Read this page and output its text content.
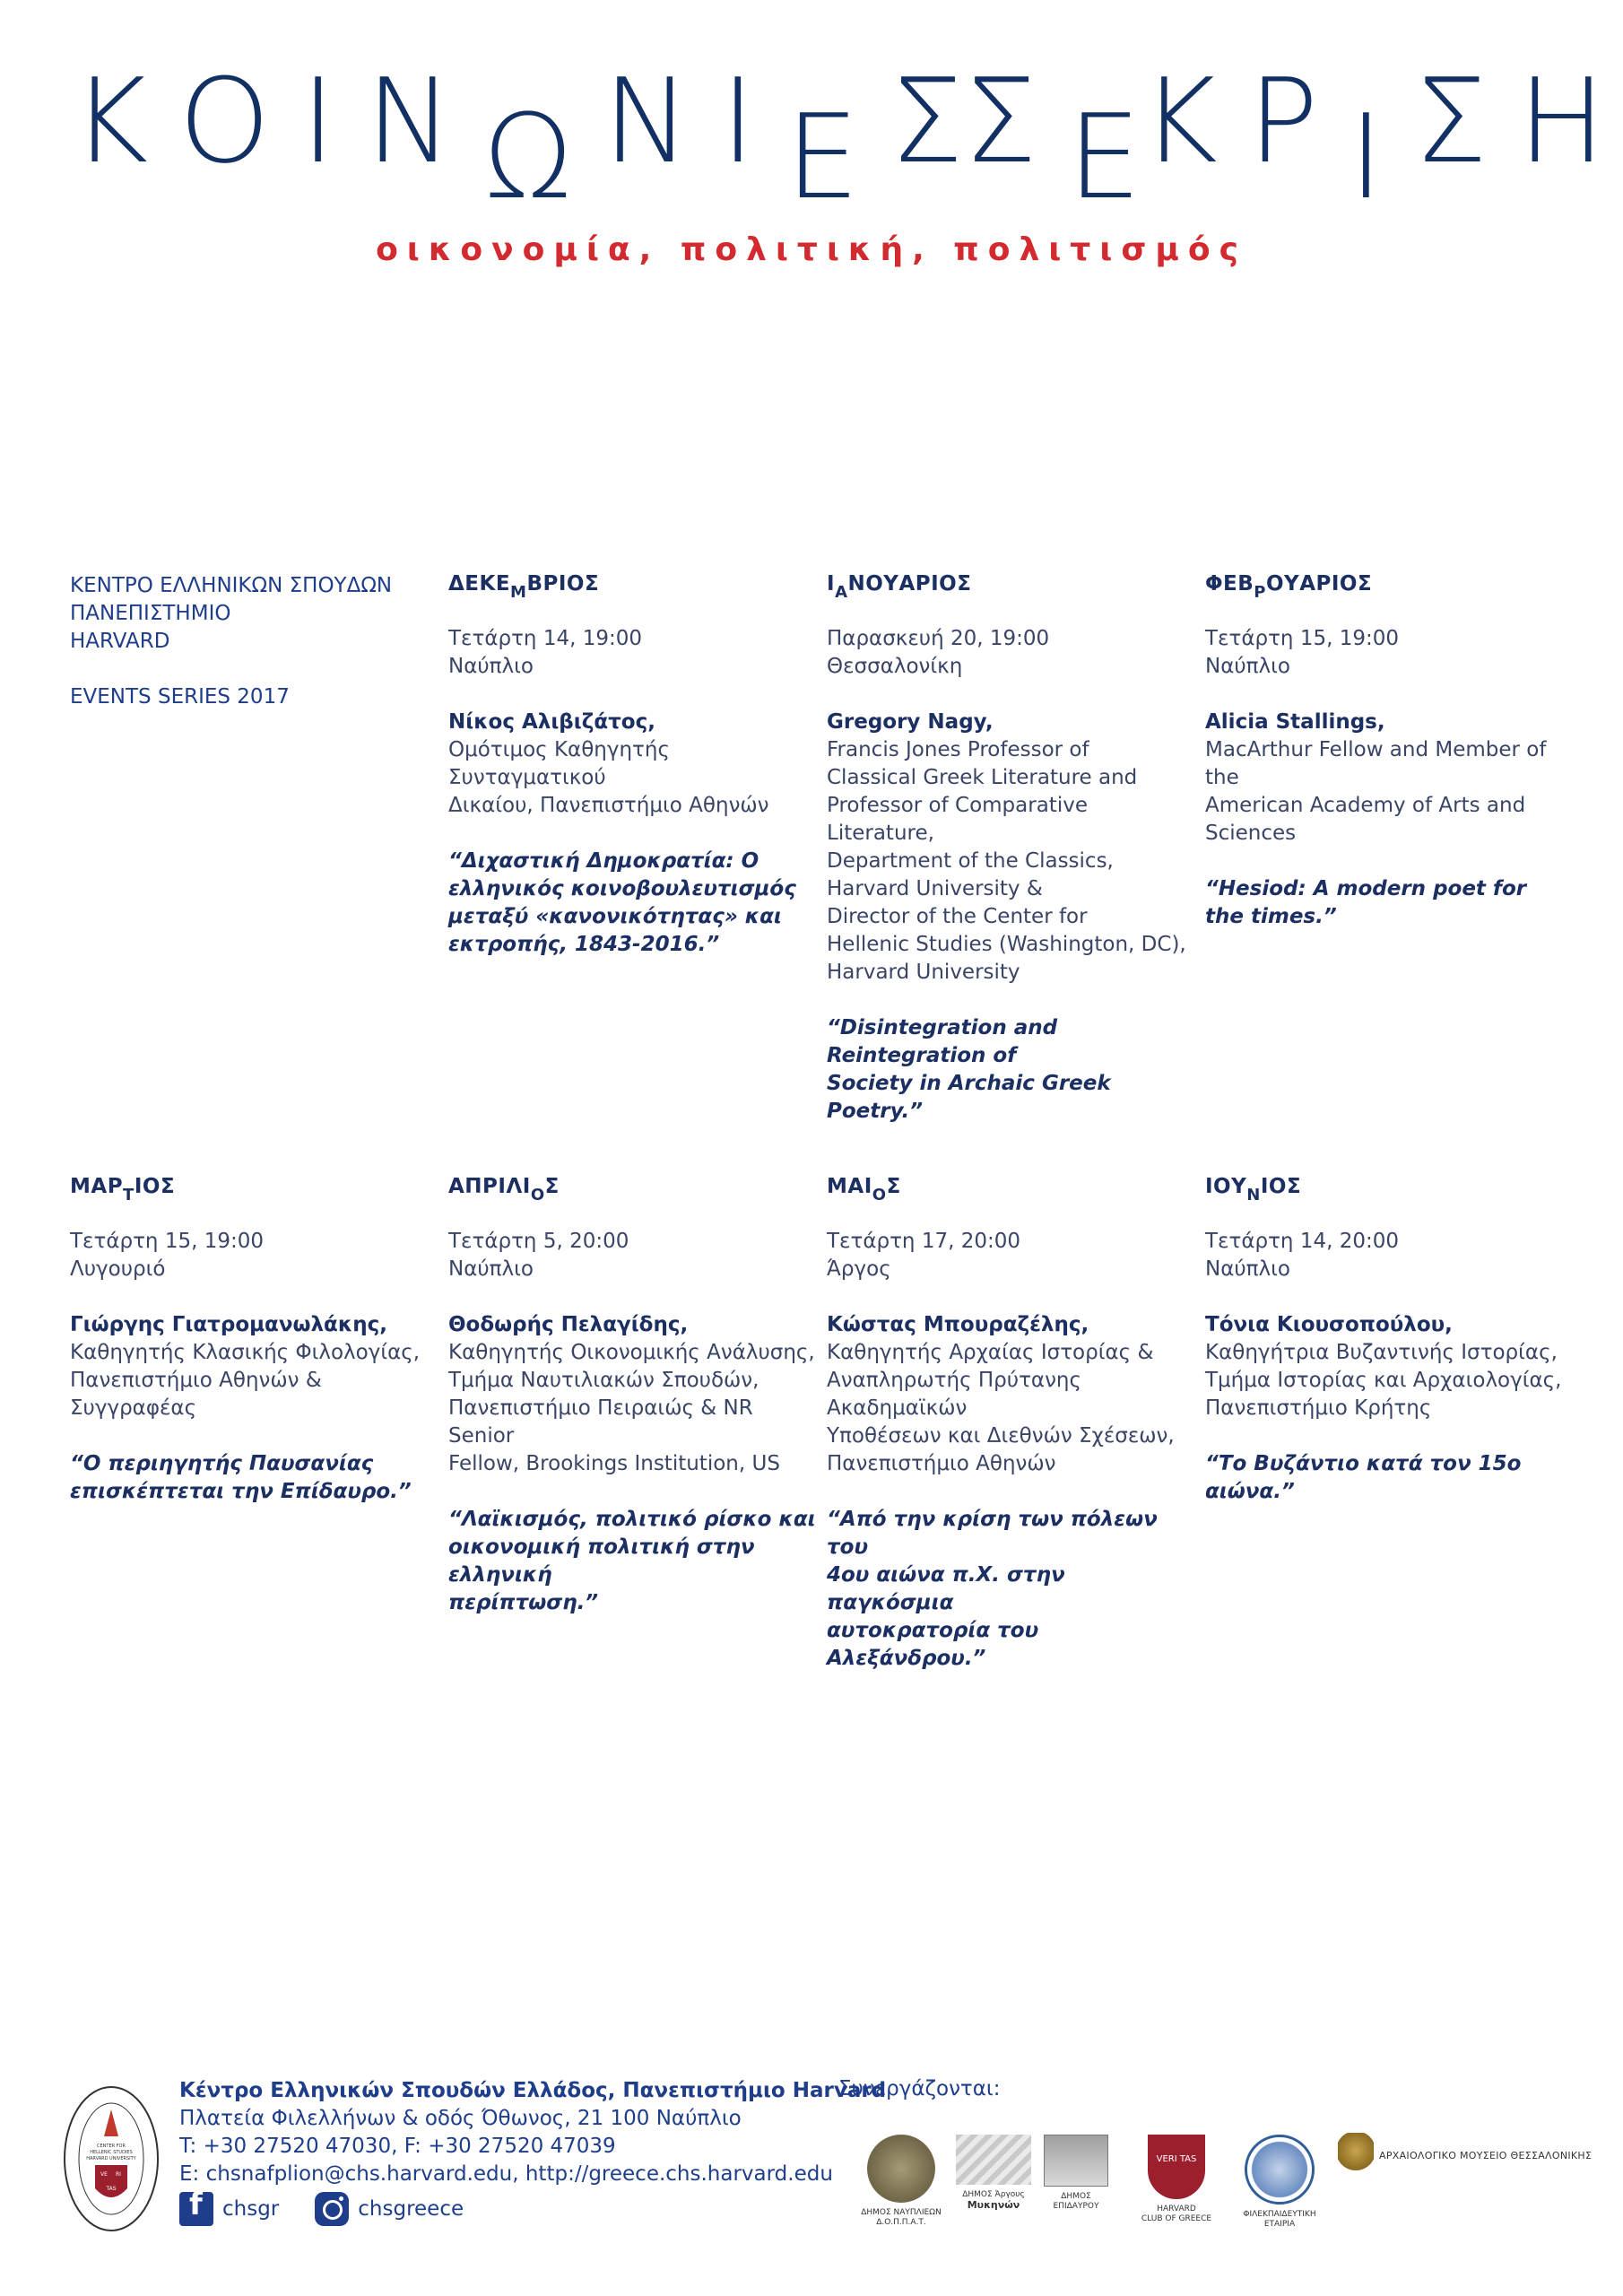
Κ Ο Ι Ν Ω Ν Ι Ε Σ Σ Ε Κ Ρ Ι Σ Η
οικονομία, πολιτική, πολιτισμός
ΚΕΝΤΡΟ ΕΛΛΗΝΙΚΩΝ ΣΠΟΥΔΩΝ
ΠΑΝΕΠΙΣΤΗΜΙΟ
HARVARD
EVENTS SERIES 2017
$\Delta EKE_MBPIO\Sigma$
Τετάρτη 14, 19:00
Ναύπλιο
Νίκος Αλιβιζάτος,
Ομότιμος Καθηγητής Συνταγματικού
Δικαίου, Πανεπιστήμιο Αθηνών
“Διχαστική Δημοκρατία: Ο
ελληνικός κοινοβουλευτισμός
μεταξύ «κανονικότητας» και
εκτροπής, 1843-2016.”
$I_ANO\Upsilon APIO\Sigma$
Παρασκευή 20, 19:00
Θεσσαλονίκη
Gregory Nagy,
Francis Jones Professor of
Classical Greek Literature and
Professor of Comparative Literature,
Department of the Classics,
Harvard University &
Director of the Center for
Hellenic Studies (Washington, DC),
Harvard University
“Disintegration and Reintegration of
Society in Archaic Greek Poetry.”
$\Phi EB_PO\Upsilon APIO\Sigma$
Τετάρτη 15, 19:00
Ναύπλιο
Alicia Stallings,
MacArthur Fellow and Member of the
American Academy of Arts and
Sciences
“Hesiod: A modern poet for
the times.”
$MAP_TIO\Sigma$
Τετάρτη 15, 19:00
Λυγουριό
Γιώργης Γιατρομανωλάκης,
Καθηγητής Κλασικής Φιλολογίας,
Πανεπιστήμιο Αθηνών & Συγγραφέας
“Ο περιηγητής Παυσανίας
επισκέπτεται την Επίδαυρο.”
$A\Pi PI\Lambda I_O\Sigma$
Τετάρτη 5, 20:00
Ναύπλιο
Θοδωρής Πελαγίδης,
Καθηγητής Οικονομικής Ανάλυσης,
Τμήμα Ναυτιλιακών Σπουδών,
Πανεπιστήμιο Πειραιώς & NR Senior
Fellow, Brookings Institution, US
“Λαϊκισμός, πολιτικό ρίσκο και
οικονομική πολιτική στην ελληνική
περίπτωση.”
$MAI_O\Sigma$
Τετάρτη 17, 20:00
Άργος
Κώστας Μπουραζέλης,
Καθηγητής Αρχαίας Ιστορίας &
Αναπληρωτής Πρύτανης Ακαδημαϊκών
Υποθέσεων και Διεθνών Σχέσεων,
Πανεπιστήμιο Αθηνών
“Από την κρίση των πόλεων του
4ου αιώνα π.Χ. στην παγκόσμια
αυτοκρατορία του Αλεξάνδρου.”
$IO\Upsilon_NIO\Sigma$
Τετάρτη 14, 20:00
Ναύπλιο
Τόνια Κιουσοπούλου,
Καθηγήτρια Βυζαντινής Ιστορίας,
Τμήμα Ιστορίας και Αρχαιολογίας,
Πανεπιστήμιο Κρήτης
“Το Βυζάντιο κατά τον 15ο αιώνα.”
CENTER FOR
HELLENIC STUDIES
HARVARD UNIVERSITY
VE RI
TAS
Κέντρο Ελληνικών Σπουδών Ελλάδος, Πανεπιστήμιο Harvard
Πλατεία Φιλελλήνων & οδός Όθωνος, 21 100 Ναύπλιο
T: +30 27520 47030, F: +30 27520 47039
E: chsnafplion@chs.harvard.edu, http://greece.chs.harvard.edu
f
chsgr	chsgreece
Συνεργάζονται:
ΔΗΜΟΣ ΝΑΥΠΛΙΕΩΝ
Δ.Ο.Π.Π.Α.Τ.
ΔΗΜΟΣ Άργους
Μυκηνών
ΔΗΜΟΣ
ΕΠΙΔΑΥΡΟΥ
VERI TAS	HARVARD
CLUB OF GREECE	ΦΙΛΕΚΠΑΙΔΕΥΤΙΚΗ
ΕΤΑΙΡΙΑ
ΑΡΧΑΙΟΛΟΓΙΚΟ ΜΟΥΣΕΙΟ ΘΕΣΣΑΛΟΝΙΚΗΣ
